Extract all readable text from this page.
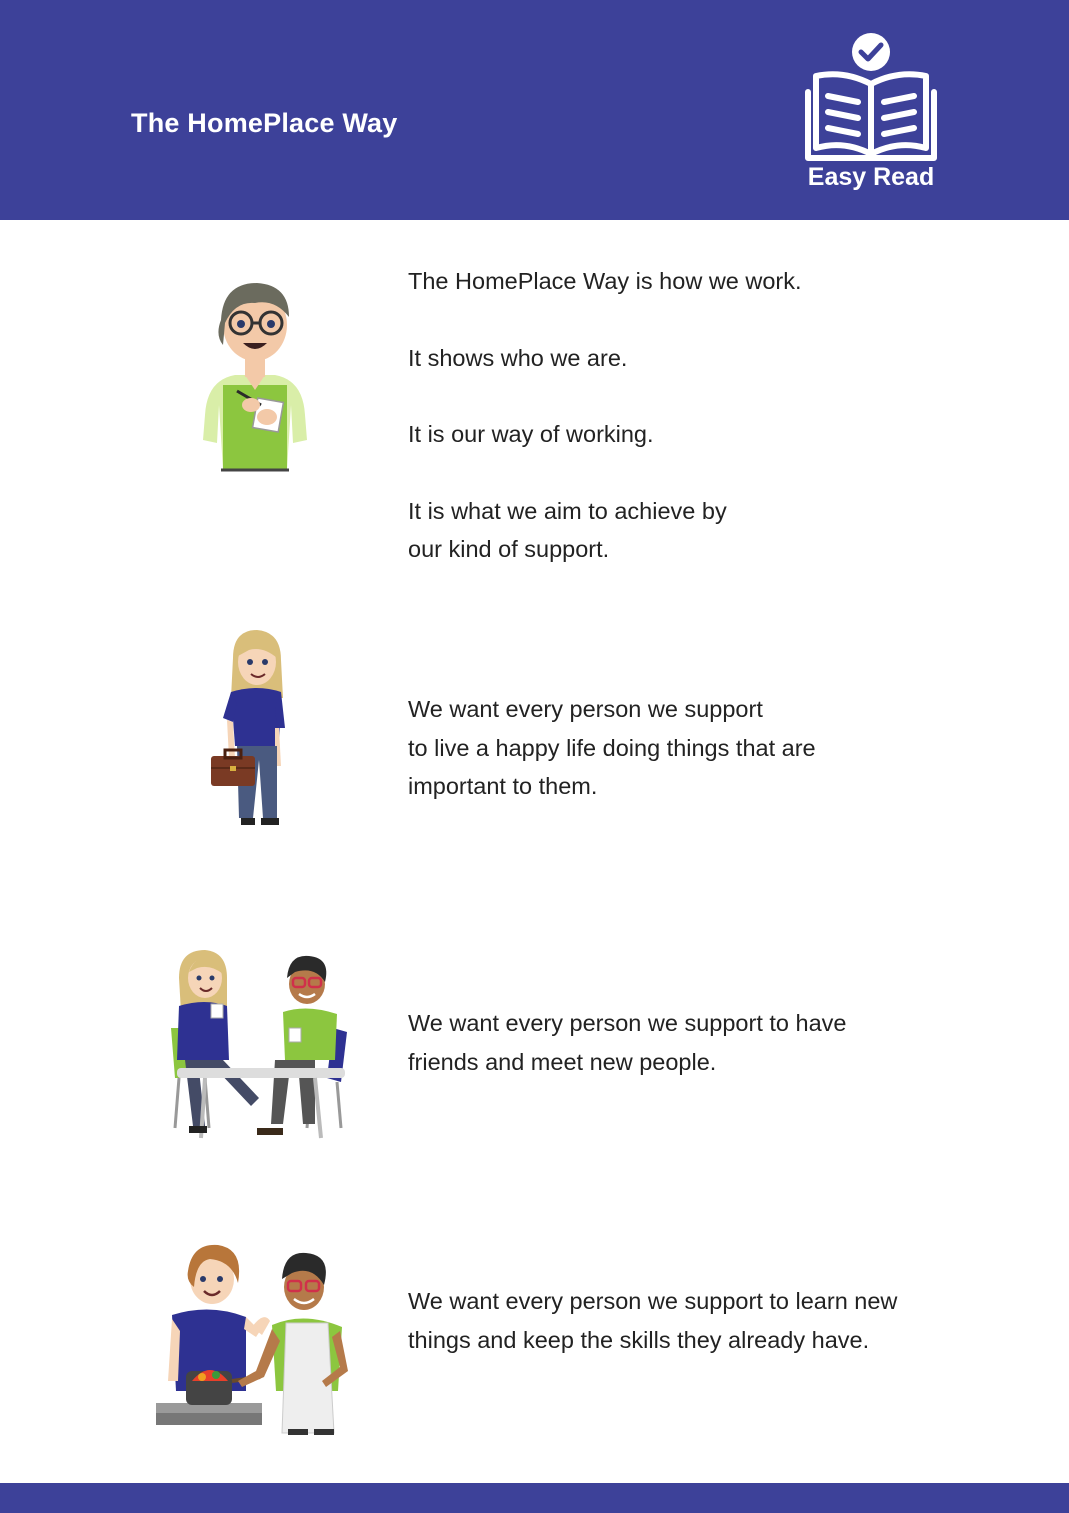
The HomePlace Way
Easy Read

The HomePlace Way is how we work.

It shows who we are.

It is our way of working.

It is what we aim to achieve by

our kind of support.

We want every person we support

to live a happy life doing things that are

important to them.

We want every person we support to have

friends and meet new people.

We want every person we support to learn new

things and keep the skills they already have.
